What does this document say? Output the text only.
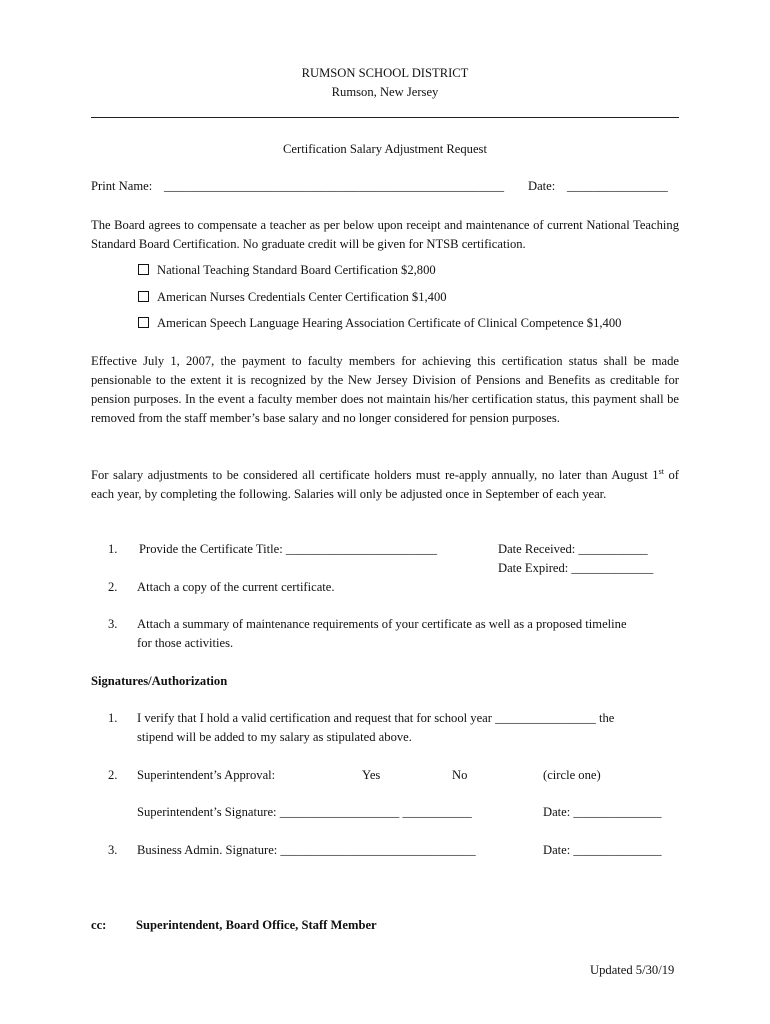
RUMSON SCHOOL DISTRICT
Rumson, New Jersey
Certification Salary Adjustment Request
Print Name: ______________________________________________________ Date: ________________
The Board agrees to compensate a teacher as per below upon receipt and maintenance of current National Teaching Standard Board Certification. No graduate credit will be given for NTSB certification.
National Teaching Standard Board Certification $2,800
American Nurses Credentials Center Certification $1,400
American Speech Language Hearing Association Certificate of Clinical Competence $1,400
Effective July 1, 2007, the payment to faculty members for achieving this certification status shall be made pensionable to the extent it is recognized by the New Jersey Division of Pensions and Benefits as creditable for pension purposes. In the event a faculty member does not maintain his/her certification status, this payment shall be removed from the staff member’s base salary and no longer considered for pension purposes.
For salary adjustments to be considered all certificate holders must re-apply annually, no later than August 1st of each year, by completing the following. Salaries will only be adjusted once in September of each year.
1. Provide the Certificate Title: ________________________	Date Received: ___________
Date Expired: _____________
2. Attach a copy of the current certificate.
3. Attach a summary of maintenance requirements of your certificate as well as a proposed timeline
for those activities.
Signatures/Authorization
1. I verify that I hold a valid certification and request that for school year ________________ the
stipend will be added to my salary as stipulated above.
2. Superintendent’s Approval:	Yes	No	(circle one)
Superintendent’s Signature: ___________________ ___________	Date: ______________
3. Business Admin. Signature: _______________________________	Date: ______________
cc: Superintendent, Board Office, Staff Member
Updated 5/30/19
